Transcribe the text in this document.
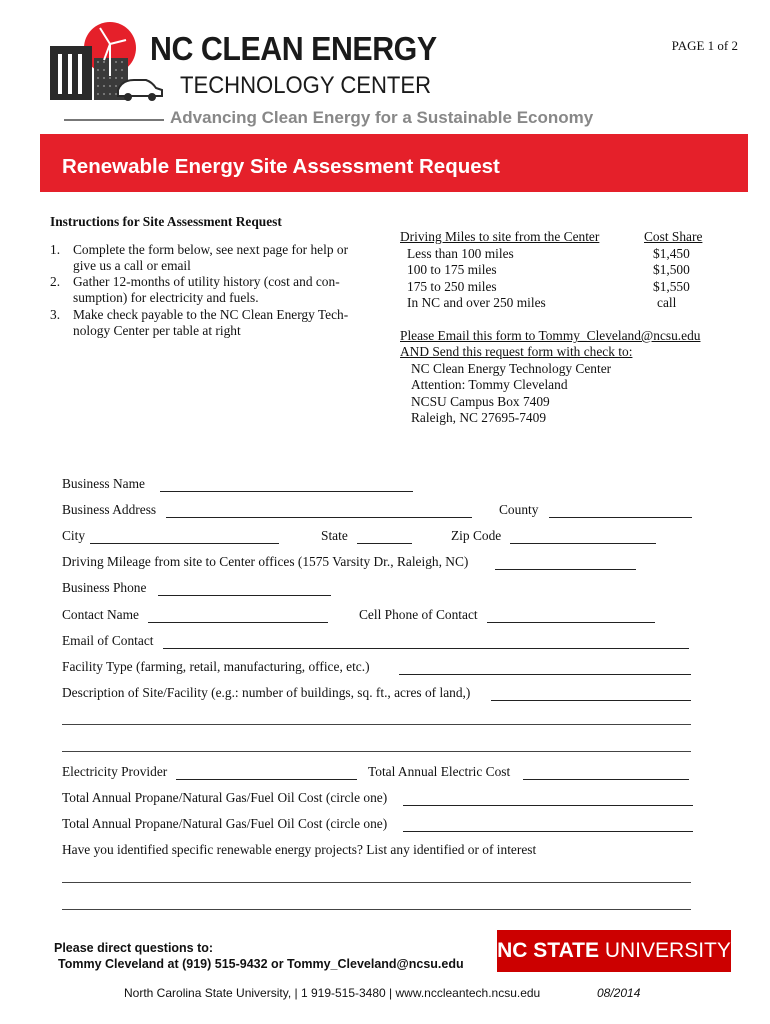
NC CLEAN ENERGY
TECHNOLOGY CENTER
PAGE 1 of 2
Advancing Clean Energy for a Sustainable Economy
Renewable Energy Site Assessment Request
Instructions for Site Assessment Request
1. Complete the form below, see next page for help or
give us a call or email
2. Gather 12-months of utility history (cost and con-
sumption) for electricity and fuels.
3. Make check payable to the NC Clean Energy Tech-
nology Center per table at right
Driving Miles to site from the Center	Cost Share
Less than 100 miles	$1,450
100 to 175 miles	$1,500
175 to 250 miles	$1,550
In NC and over 250 miles	call
Please Email this form to Tommy_Cleveland@ncsu.edu
AND Send this request form with check to:
NC Clean Energy Technology Center
Attention: Tommy Cleveland
NCSU Campus Box 7409
Raleigh, NC 27695-7409
Business Name
Business Address	County
City	State	Zip Code
Driving Mileage from site to Center offices (1575 Varsity Dr., Raleigh, NC)
Business Phone
Contact Name	Cell Phone of Contact
Email of Contact
Facility Type (farming, retail, manufacturing, office, etc.)
Description of Site/Facility (e.g.: number of buildings, sq. ft., acres of land,)
Electricity Provider	Total Annual Electric Cost
Total Annual Propane/Natural Gas/Fuel Oil Cost (circle one)
Total Annual Propane/Natural Gas/Fuel Oil Cost (circle one)
Have you identified specific renewable energy projects? List any identified or of interest
Please direct questions to:
Tommy Cleveland at (919) 515-9432 or Tommy_Cleveland@ncsu.edu
NC STATE UNIVERSITY
North Carolina State University, | 1 919-515-3480 | www.nccleantech.ncsu.edu	08/2014
